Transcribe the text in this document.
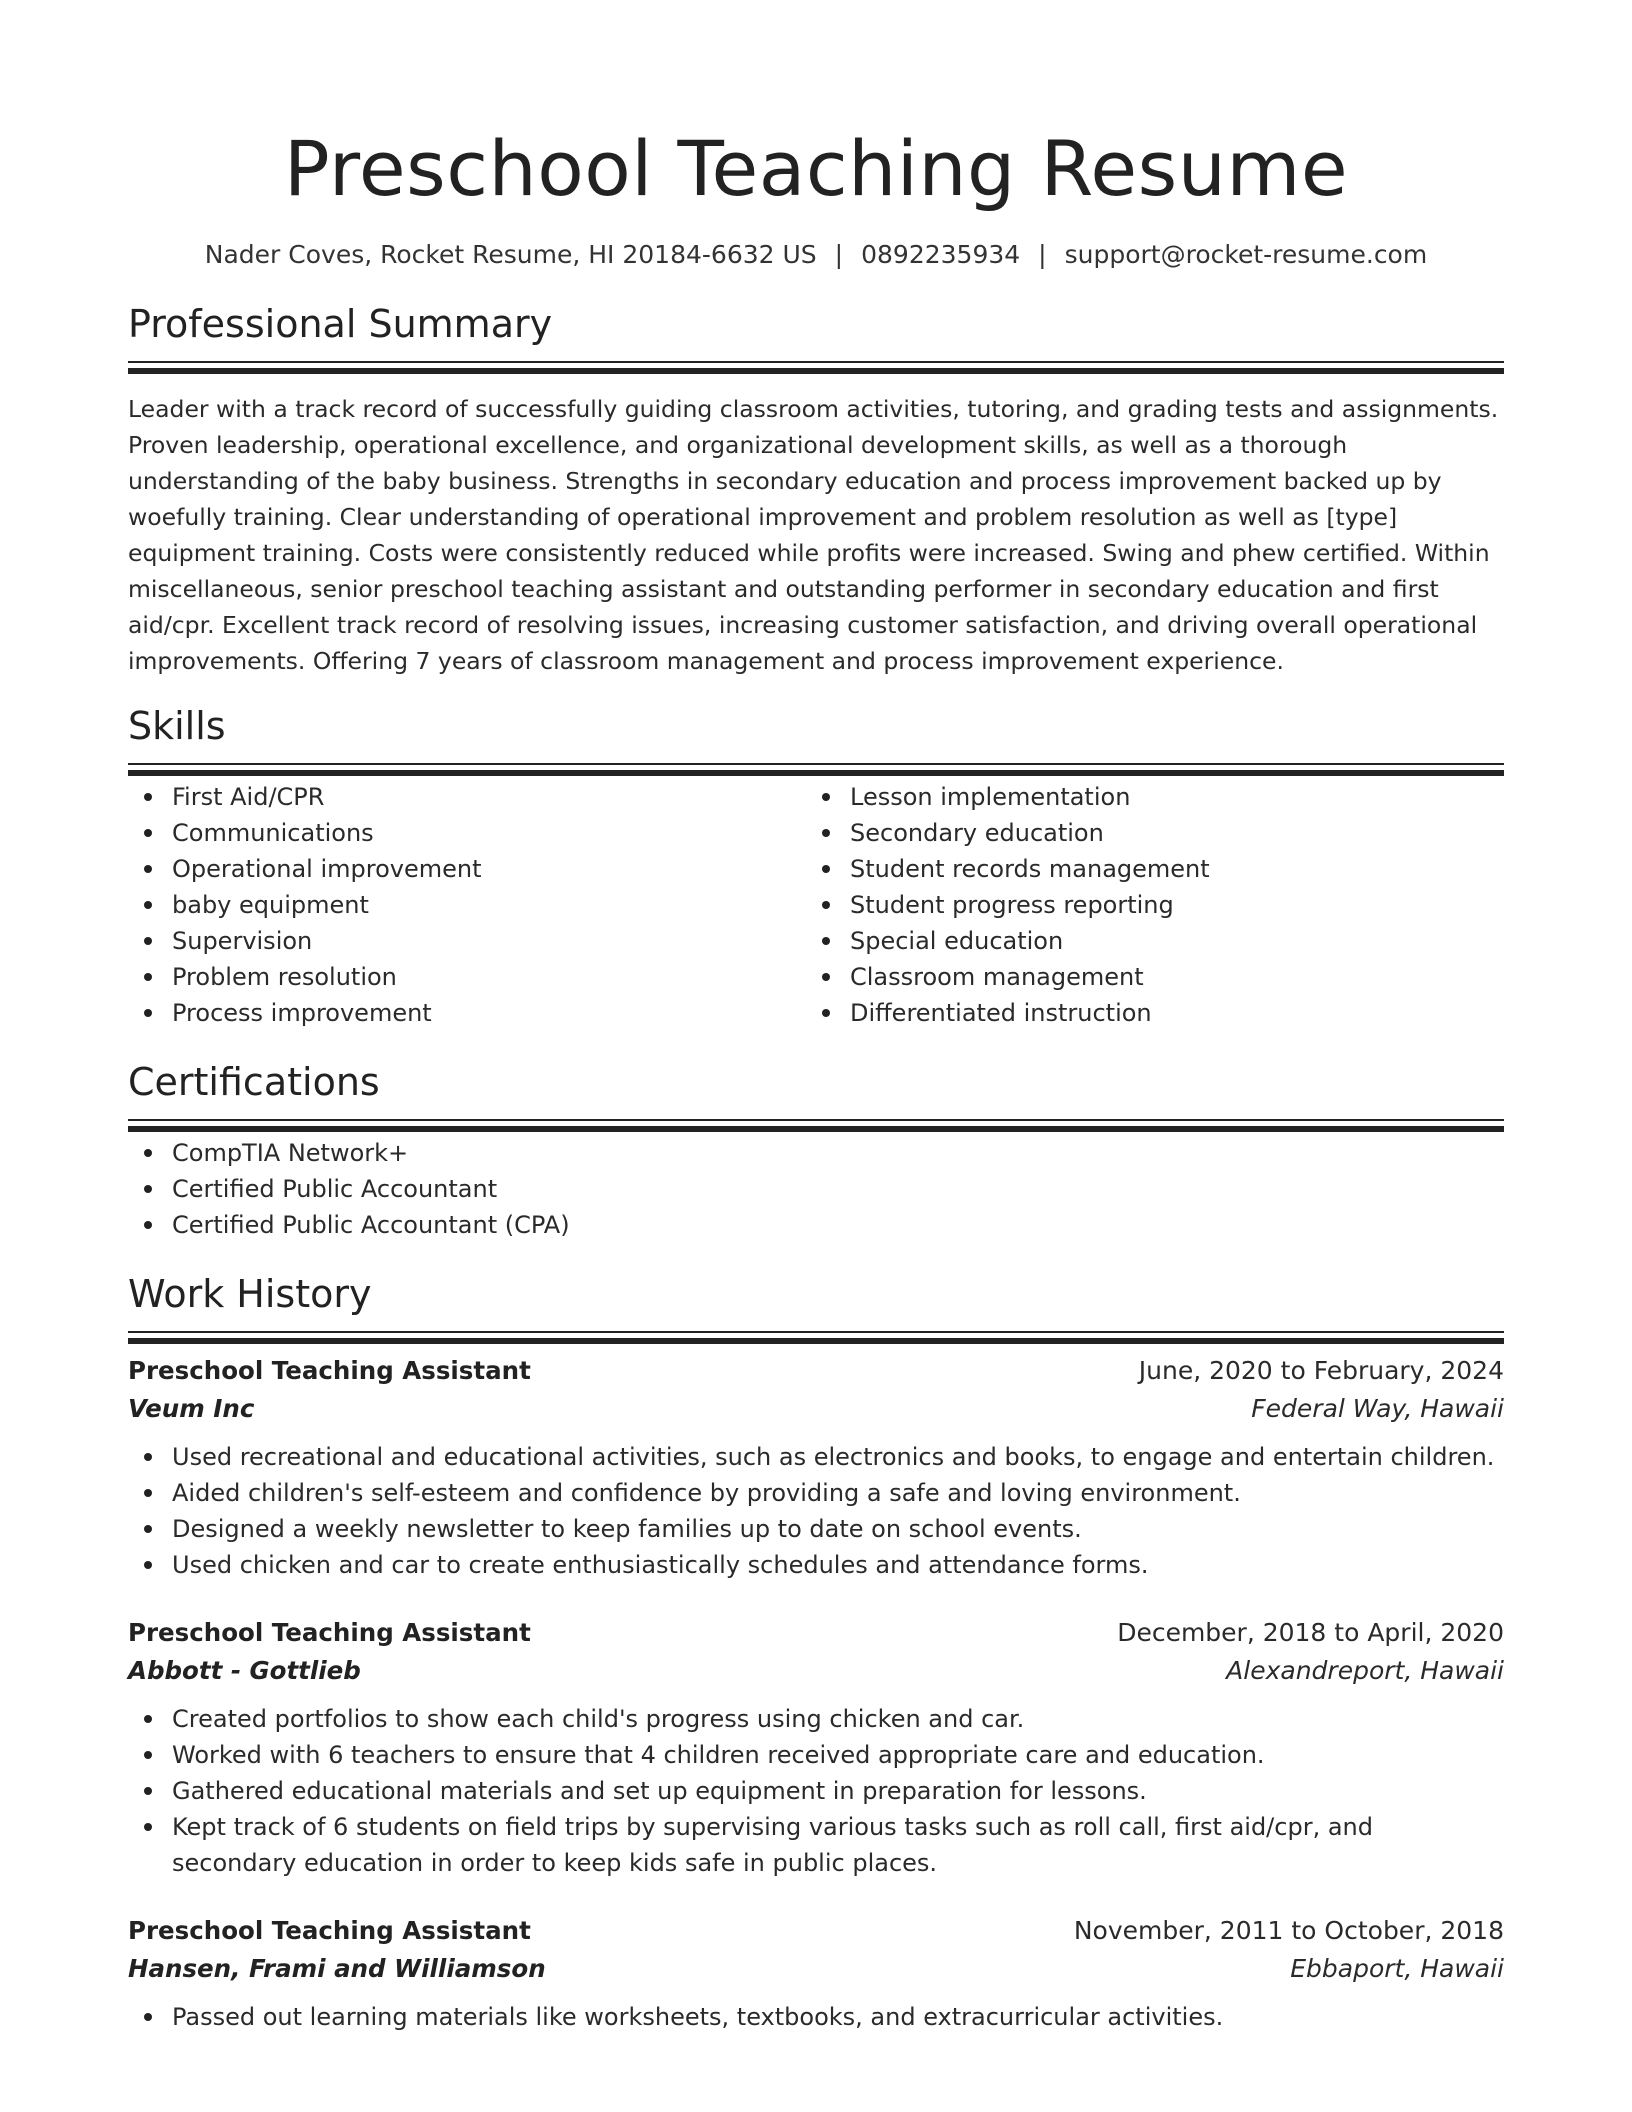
Preschool Teaching Resume
Nader Coves, Rocket Resume, HI 20184-6632 US | 0892235934 | support@rocket-resume.com
Professional Summary

Leader with a track record of successfully guiding classroom activities, tutoring, and grading tests and assignments. Proven leadership, operational excellence, and organizational development skills, as well as a thorough understanding of the baby business. Strengths in secondary education and process improvement backed up by woefully training. Clear understanding of operational improvement and problem resolution as well as [type] equipment training. Costs were consistently reduced while profits were increased. Swing and phew certified. Within miscellaneous, senior preschool teaching assistant and outstanding performer in secondary education and first aid/cpr. Excellent track record of resolving issues, increasing customer satisfaction, and driving overall operational improvements. Offering 7 years of classroom management and process improvement experience.

Skills
First Aid/CPR
Communications
Operational improvement
baby equipment
Supervision
Problem resolution
Process improvement
Lesson implementation
Secondary education
Student records management
Student progress reporting
Special education
Classroom management
Differentiated instruction
Certifications
CompTIA Network+
Certified Public Accountant
Certified Public Accountant (CPA)
Work History
Preschool Teaching Assistant	June, 2020 to February, 2024
Veum Inc	Federal Way, Hawaii
Used recreational and educational activities, such as electronics and books, to engage and entertain children.
Aided children's self-esteem and confidence by providing a safe and loving environment.
Designed a weekly newsletter to keep families up to date on school events.
Used chicken and car to create enthusiastically schedules and attendance forms.
Preschool Teaching Assistant	December, 2018 to April, 2020
Abbott - Gottlieb	Alexandreport, Hawaii
Created portfolios to show each child's progress using chicken and car.
Worked with 6 teachers to ensure that 4 children received appropriate care and education.
Gathered educational materials and set up equipment in preparation for lessons.
Kept track of 6 students on field trips by supervising various tasks such as roll call, first aid/cpr, and secondary education in order to keep kids safe in public places.
Preschool Teaching Assistant	November, 2011 to October, 2018
Hansen, Frami and Williamson	Ebbaport, Hawaii
Passed out learning materials like worksheets, textbooks, and extracurricular activities.
